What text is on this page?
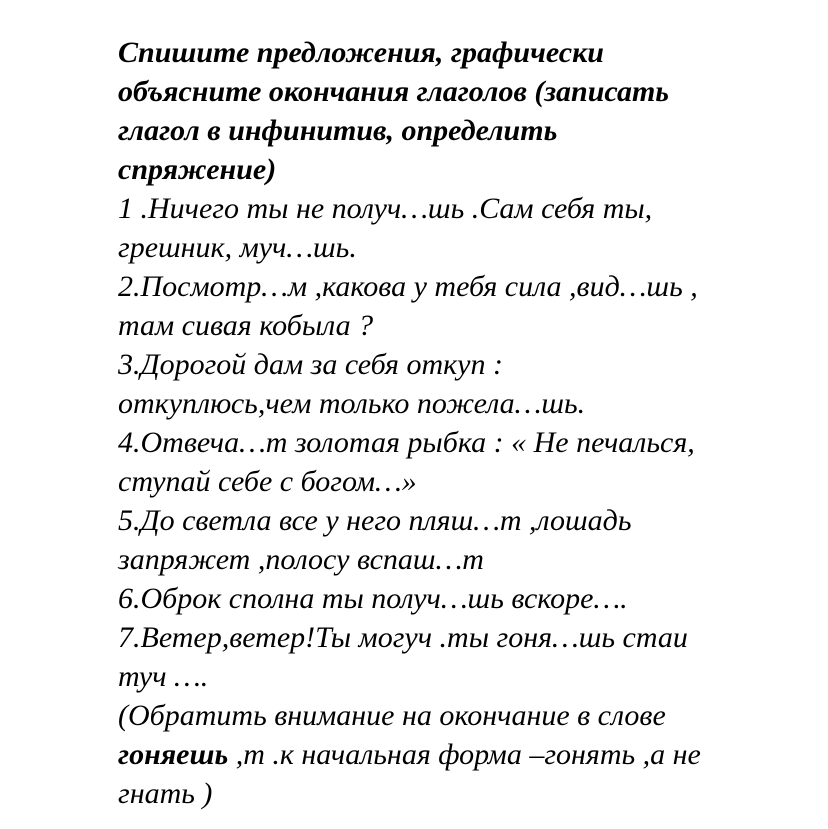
Спишите предложения, графически
объясните окончания глаголов (записать
глагол в инфинитив, определить
спряжение)
1 .Ничего ты не получ…шь .Сам себя ты,
грешник, муч…шь.
2.Посмотр…м ,какова у тебя сила ,вид…шь ,
там сивая кобыла ?
3.Дорогой дам за себя откуп :
откуплюсь,чем только пожела…шь.
4.Отвеча…т золотая рыбка : « Не печалься,
ступай себе с богом…»
5.До светла все у него пляш…т ,лошадь
запряжет ,полосу вспаш…т
6.Оброк сполна ты получ…шь вскоре….
7.Ветер,ветер!Ты могуч .ты гоня…шь стаи
туч ….
(Обратить внимание на окончание в слове
гоняешь ,т .к начальная форма –гонять ,а не
гнать )
